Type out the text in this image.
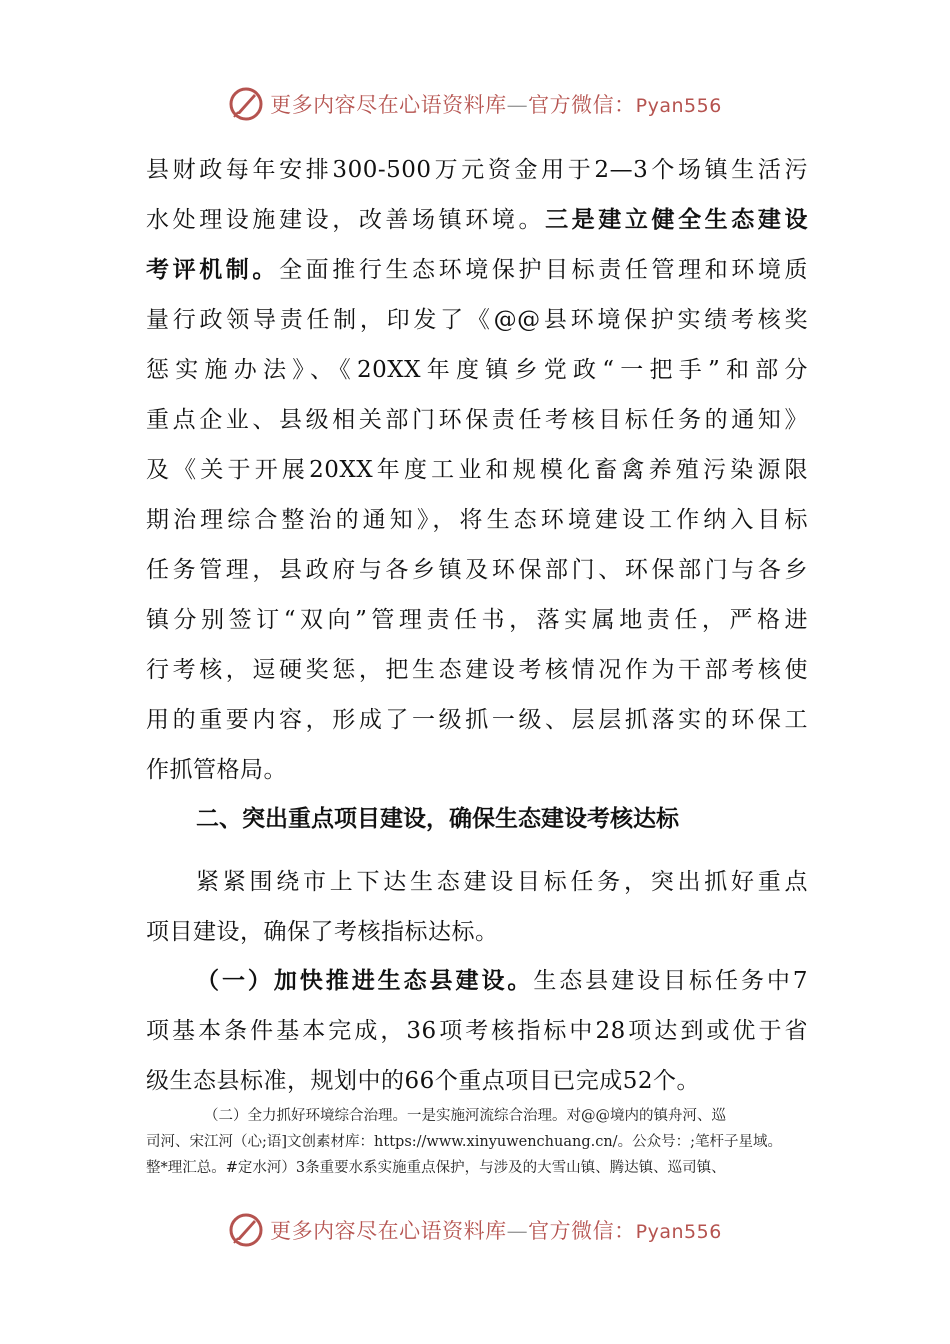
更多内容尽在心语资料库—官方微信：Pyan556
县财政每年安排300-500万元资金用于2—3个场镇生活污
水处理设施建设，改善场镇环境。三是建立健全生态建设
考评机制。全面推行生态环境保护目标责任管理和环境质
量行政领导责任制，印发了《@@县环境保护实绩考核奖
惩实施办法》、《20XX年度镇乡党政“一把手”和部分
重点企业、县级相关部门环保责任考核目标任务的通知》
及《关于开展20XX年度工业和规模化畜禽养殖污染源限
期治理综合整治的通知》，将生态环境建设工作纳入目标
任务管理，县政府与各乡镇及环保部门、环保部门与各乡
镇分别签订“双向”管理责任书，落实属地责任，严格进
行考核，逗硬奖惩，把生态建设考核情况作为干部考核使
用的重要内容，形成了一级抓一级、层层抓落实的环保工
作抓管格局。
二、突出重点项目建设，确保生态建设考核达标
紧紧围绕市上下达生态建设目标任务，突出抓好重点
项目建设，确保了考核指标达标。
（一）加快推进生态县建设。生态县建设目标任务中7
项基本条件基本完成，36项考核指标中28项达到或优于省
级生态县标准，规划中的66个重点项目已完成52个。
（二）全力抓好环境综合治理。一是实施河流综合治理。对@@境内的镇舟河、巡
司河、宋江河（心;语]文创素材库：https://www.xinyuwenchuang.cn/。公众号：;笔杆子星域。
整*理汇总。#定水河）3条重要水系实施重点保护，与涉及的大雪山镇、腾达镇、巡司镇、
更多内容尽在心语资料库—官方微信：Pyan556
